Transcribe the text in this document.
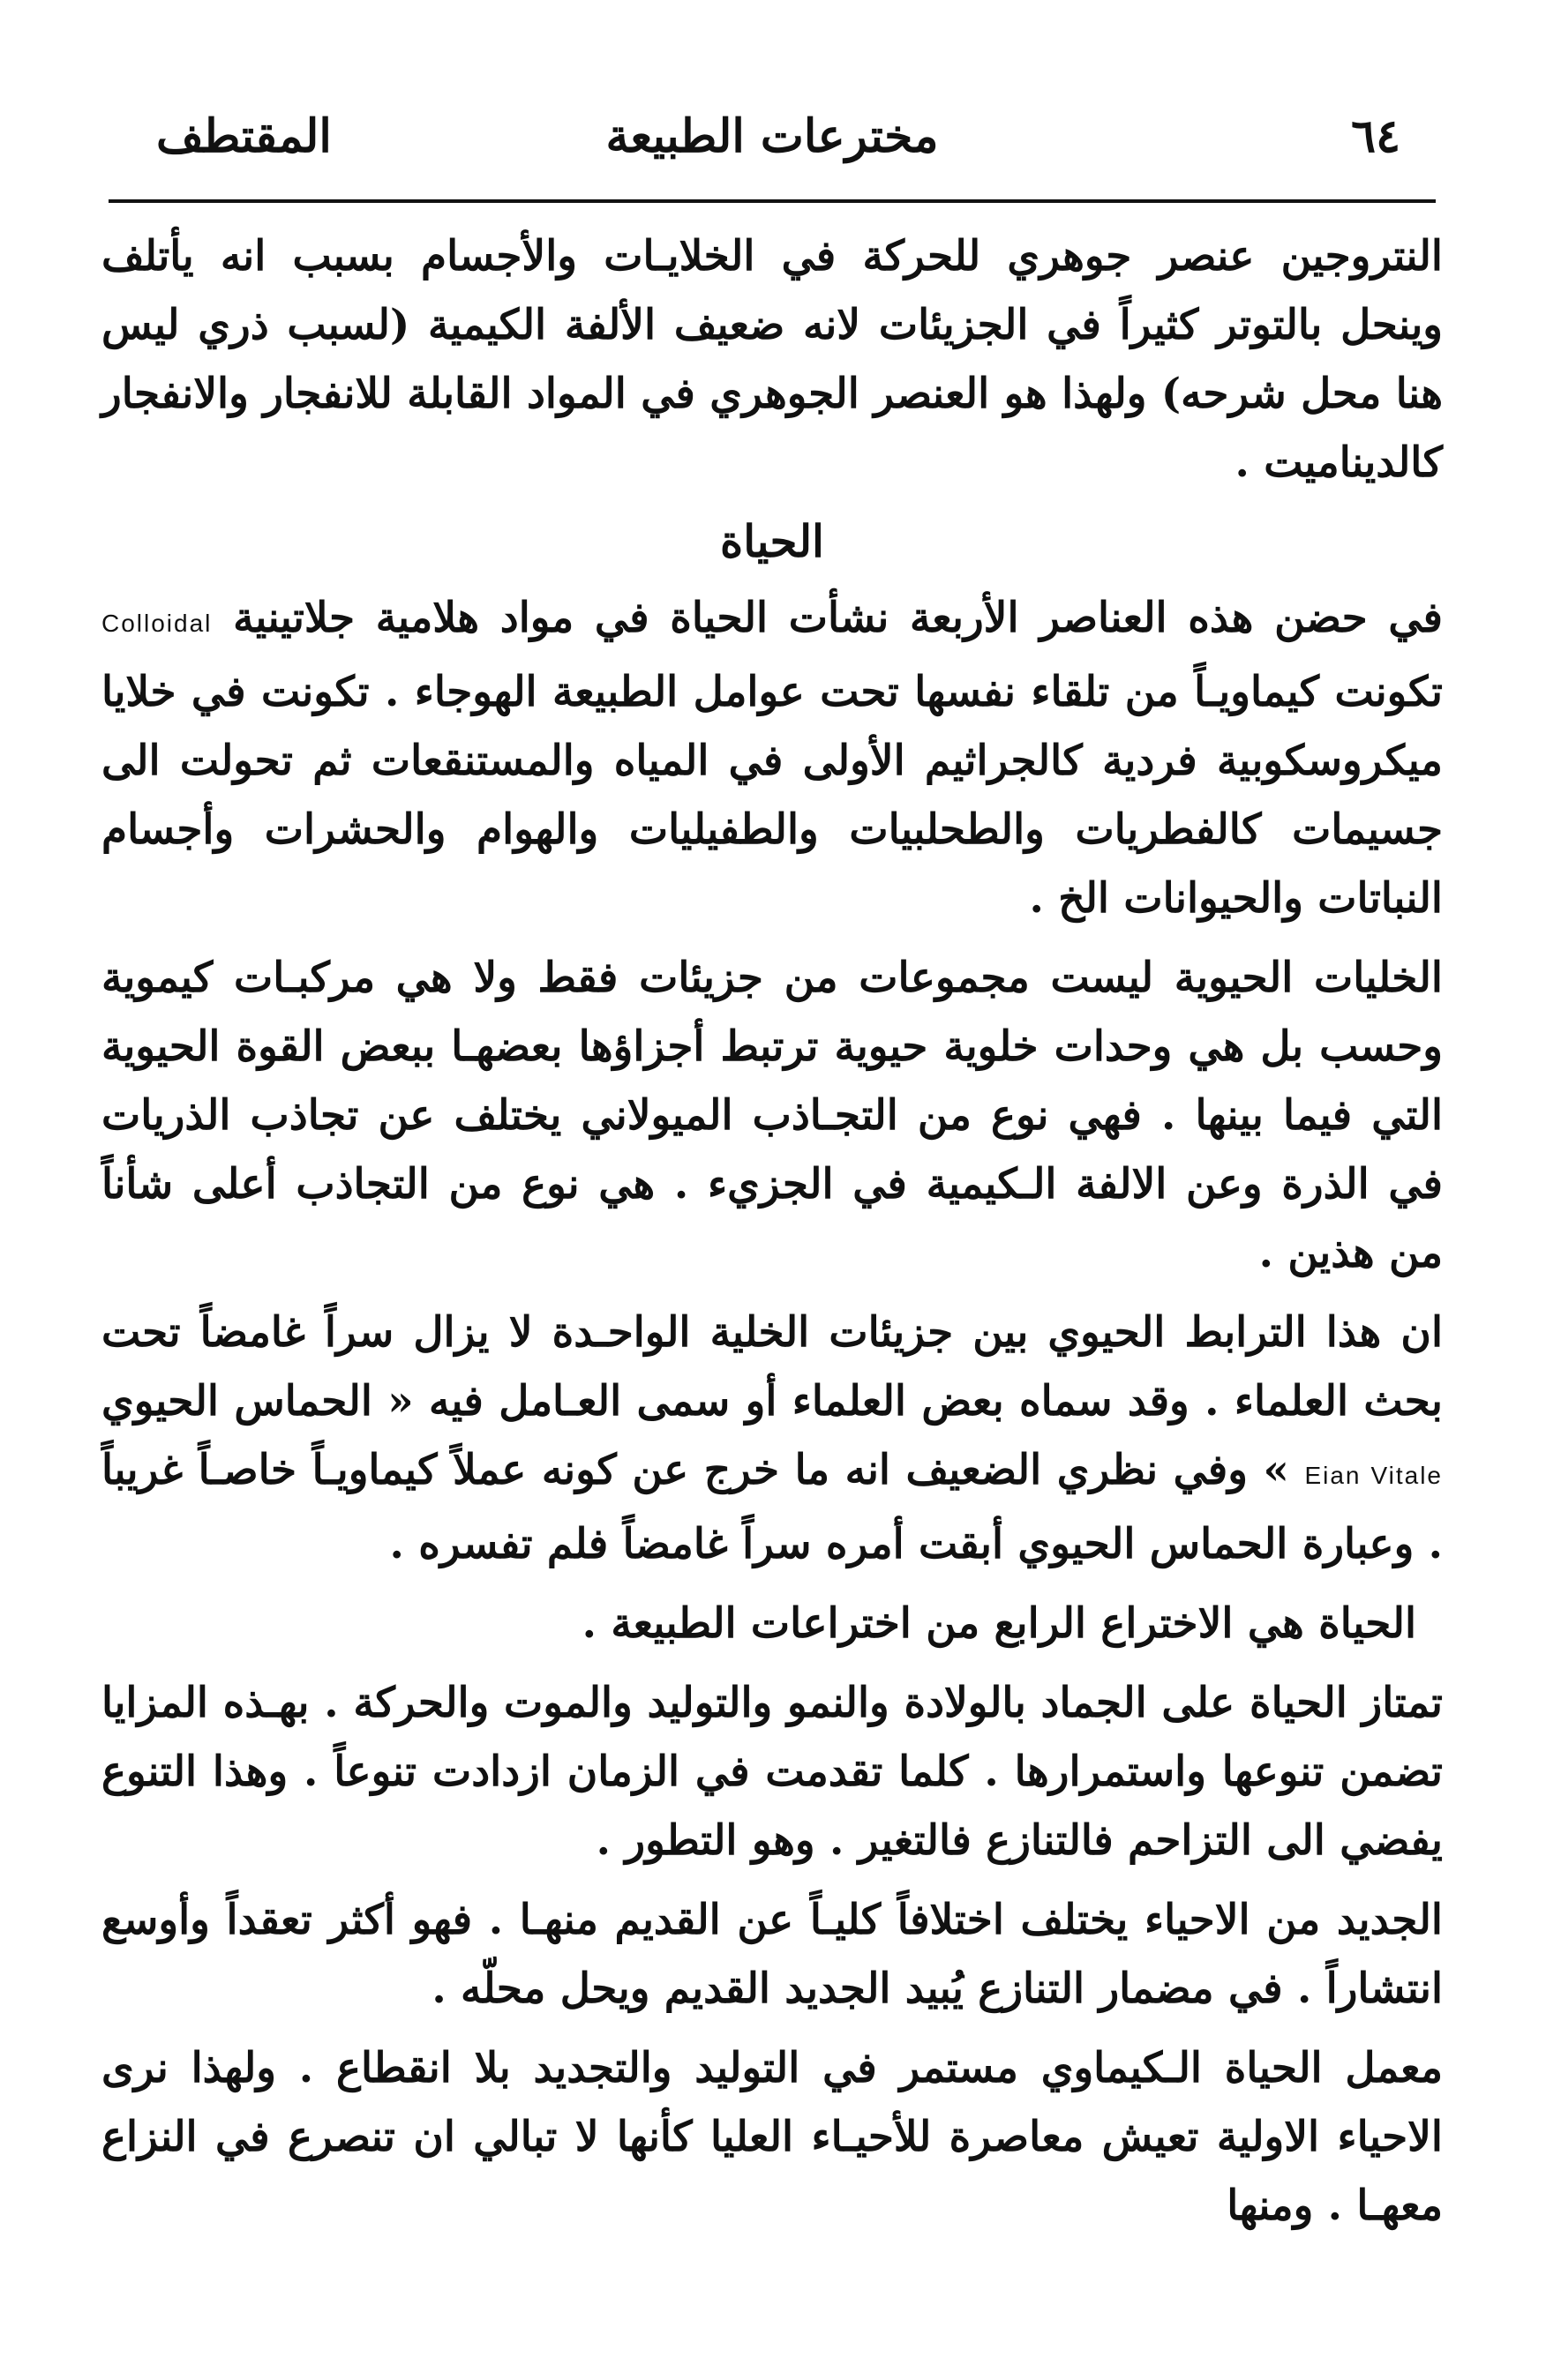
٦٤
مخترعات الطبيعة
المقتطف

النتروجين عنصر جوهري للحركة في الخلايـات والأجسام بسبب انه يأتلف وينحل بالتوتر كثيراً في الجزيئات لانه ضعيف الألفة الكيمية (لسبب ذري ليس هنا محل شرحه) ولهذا هو العنصر الجوهري في المواد القابلة للانفجار والانفجار كالديناميت .

الحياة

في حضن هذه العناصر الأربعة نشأت الحياة في مواد هلامية جلاتينية Colloidal تكونت كيماويـاً من تلقاء نفسها تحت عوامل الطبيعة الهوجاء . تكونت في خلايا ميكروسكوبية فردية كالجراثيم الأولى في المياه والمستنقعات ثم تحولت الى جسيمات كالفطريات والطحلبيات والطفيليات والهوام والحشرات وأجسام النباتات والحيوانات الخ .

الخليات الحيوية ليست مجموعات من جزيئات فقط ولا هي مركبـات كيموية وحسب بل هي وحدات خلوية حيوية ترتبط أجزاؤها بعضهـا ببعض القوة الحيوية التي فيما بينها . فهي نوع من التجـاذب الميولاني يختلف عن تجاذب الذريات في الذرة وعن الالفة الـكيمية في الجزيء . هي نوع من التجاذب أعلى شأناً من هذين .

ان هذا الترابط الحيوي بين جزيئات الخلية الواحـدة لا يزال سراً غامضاً تحت بحث العلماء . وقد سماه بعض العلماء أو سمى العـامل فيه « الحماس الحيوي Eian Vitale » وفي نظري الضعيف انه ما خرج عن كونه عملاً كيماويـاً خاصـاً غريباً . وعبارة الحماس الحيوي أبقت أمره سراً غامضاً فلم تفسره .

الحياة هي الاختراع الرابع من اختراعات الطبيعة .

تمتاز الحياة على الجماد بالولادة والنمو والتوليد والموت والحركة . بهـذه المزايا تضمن تنوعها واستمرارها . كلما تقدمت في الزمان ازدادت تنوعاً . وهذا التنوع يفضي الى التزاحم فالتنازع فالتغير . وهو التطور .

الجديد من الاحياء يختلف اختلافاً كليـاً عن القديم منهـا . فهو أكثر تعقداً وأوسع انتشاراً . في مضمار التنازع يُبيد الجديد القديم ويحل محلّه .

معمل الحياة الـكيماوي مستمر في التوليد والتجديد بلا انقطاع . ولهذا نرى الاحياء الاولية تعيش معاصرة للأحيـاء العليا كأنها لا تبالي ان تنصرع في النزاع معهـا . ومنها
